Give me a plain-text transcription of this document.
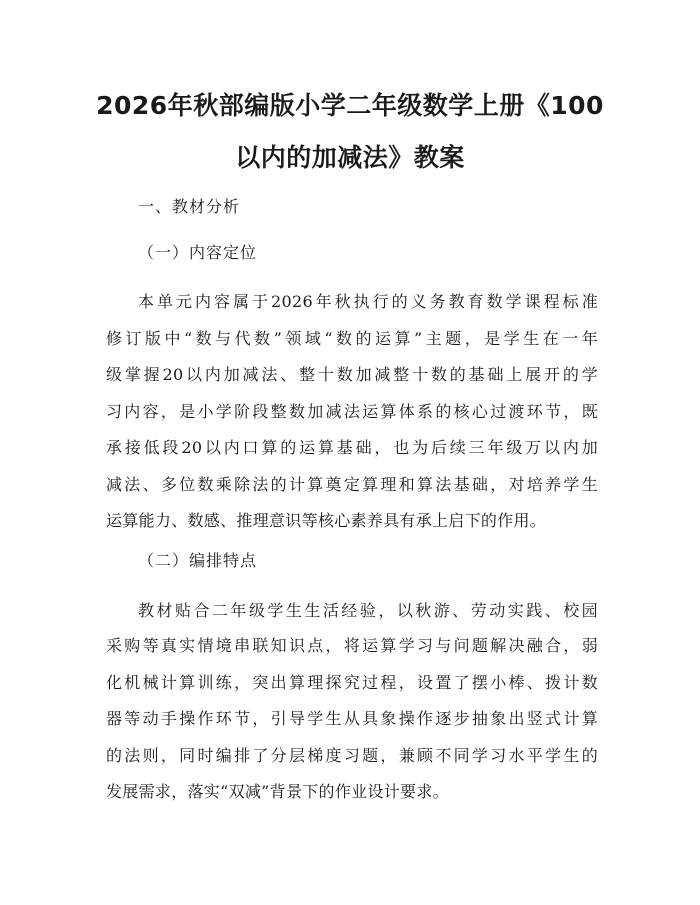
2026年秋部编版小学二年级数学上册《100
以内的加减法》教案
一、教材分析
（一）内容定位
本单元内容属于2026年秋执行的义务教育数学课程标准
修订版中“数与代数”领域“数的运算”主题，是学生在一年
级掌握20以内加减法、整十数加减整十数的基础上展开的学
习内容，是小学阶段整数加减法运算体系的核心过渡环节，既
承接低段20以内口算的运算基础，也为后续三年级万以内加
减法、多位数乘除法的计算奠定算理和算法基础，对培养学生
运算能力、数感、推理意识等核心素养具有承上启下的作用。
（二）编排特点
教材贴合二年级学生生活经验，以秋游、劳动实践、校园
采购等真实情境串联知识点，将运算学习与问题解决融合，弱
化机械计算训练，突出算理探究过程，设置了摆小棒、拨计数
器等动手操作环节，引导学生从具象操作逐步抽象出竖式计算
的法则，同时编排了分层梯度习题，兼顾不同学习水平学生的
发展需求，落实“双减”背景下的作业设计要求。
